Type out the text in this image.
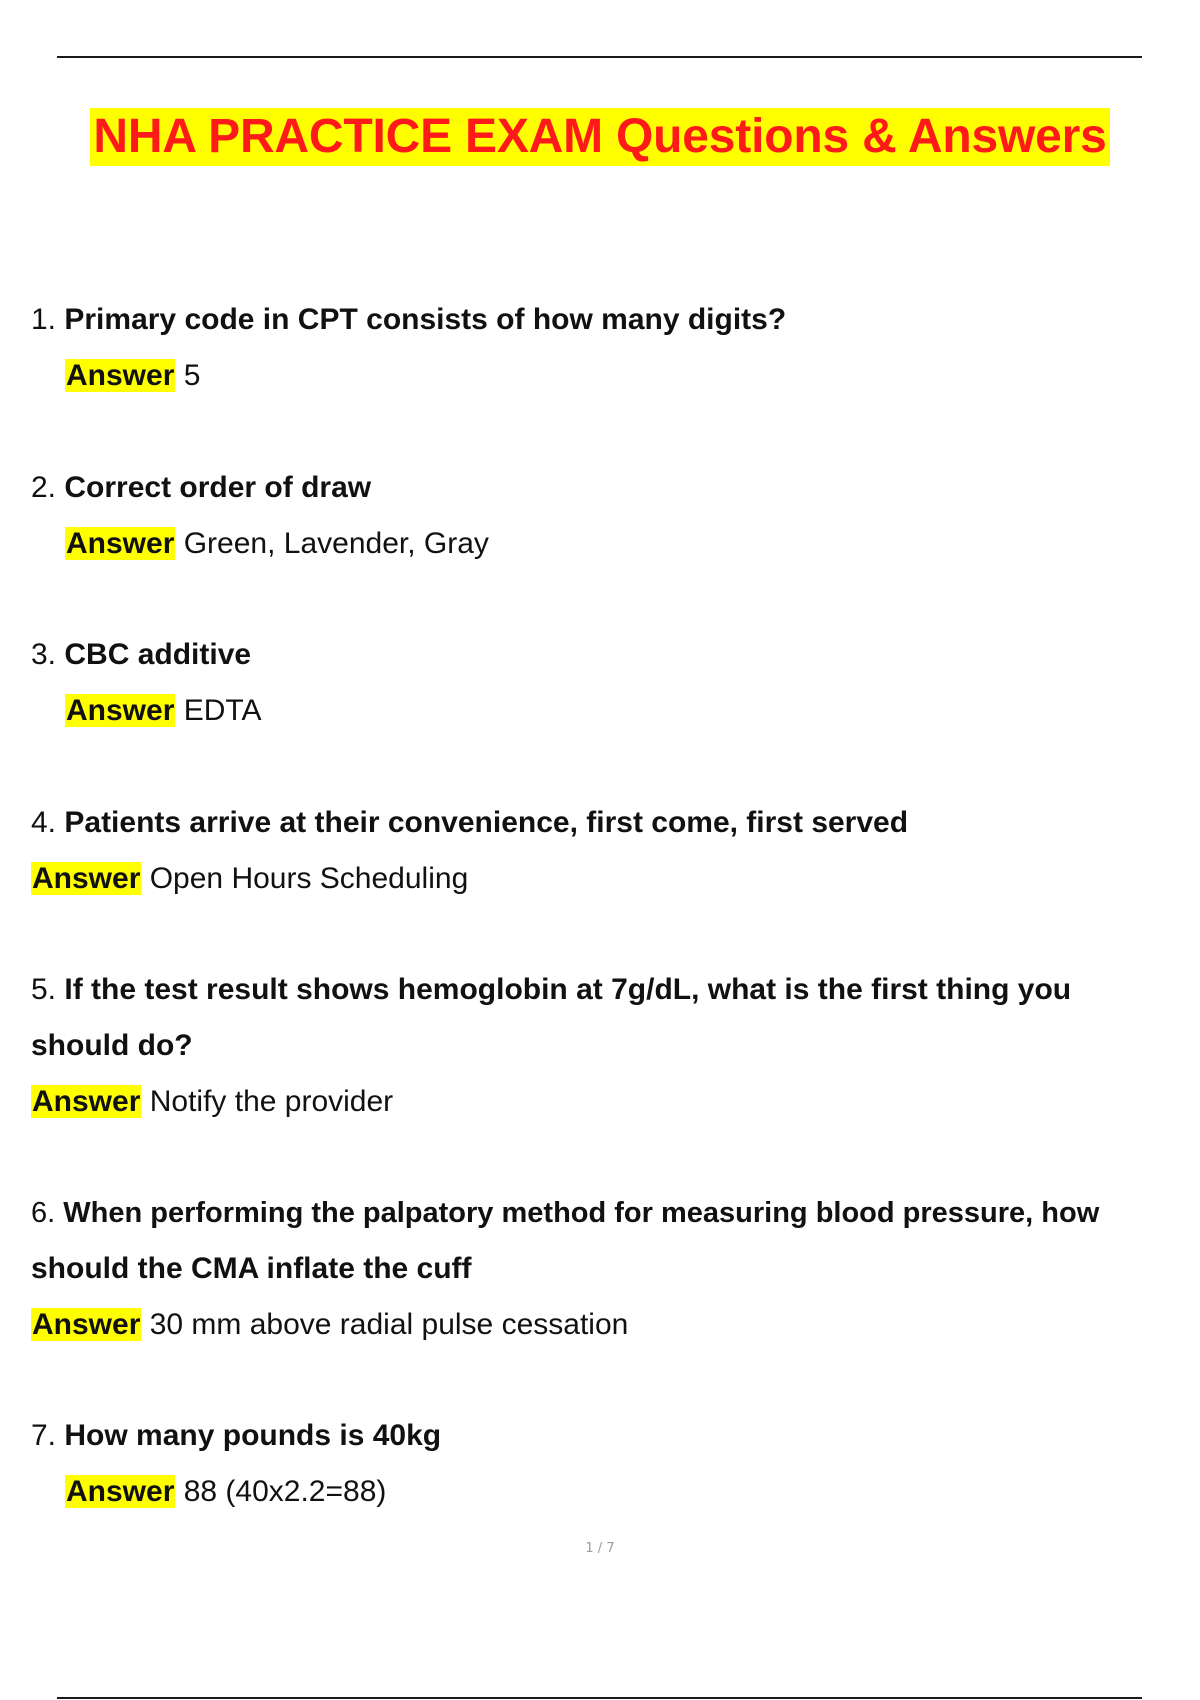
NHA PRACTICE EXAM Questions & Answers
1. Primary code in CPT consists of how many digits?
Answer 5
2. Correct order of draw
Answer Green, Lavender, Gray
3. CBC additive
Answer EDTA
4. Patients arrive at their convenience, first come, first served
Answer Open Hours Scheduling
5. If the test result shows hemoglobin at 7g/dL, what is the first thing you
should do?
Answer Notify the provider
6. When performing the palpatory method for measuring blood pressure, how
should the CMA inflate the cuff
Answer 30 mm above radial pulse cessation
7. How many pounds is 40kg
Answer 88 (40x2.2=88)
1 / 7
